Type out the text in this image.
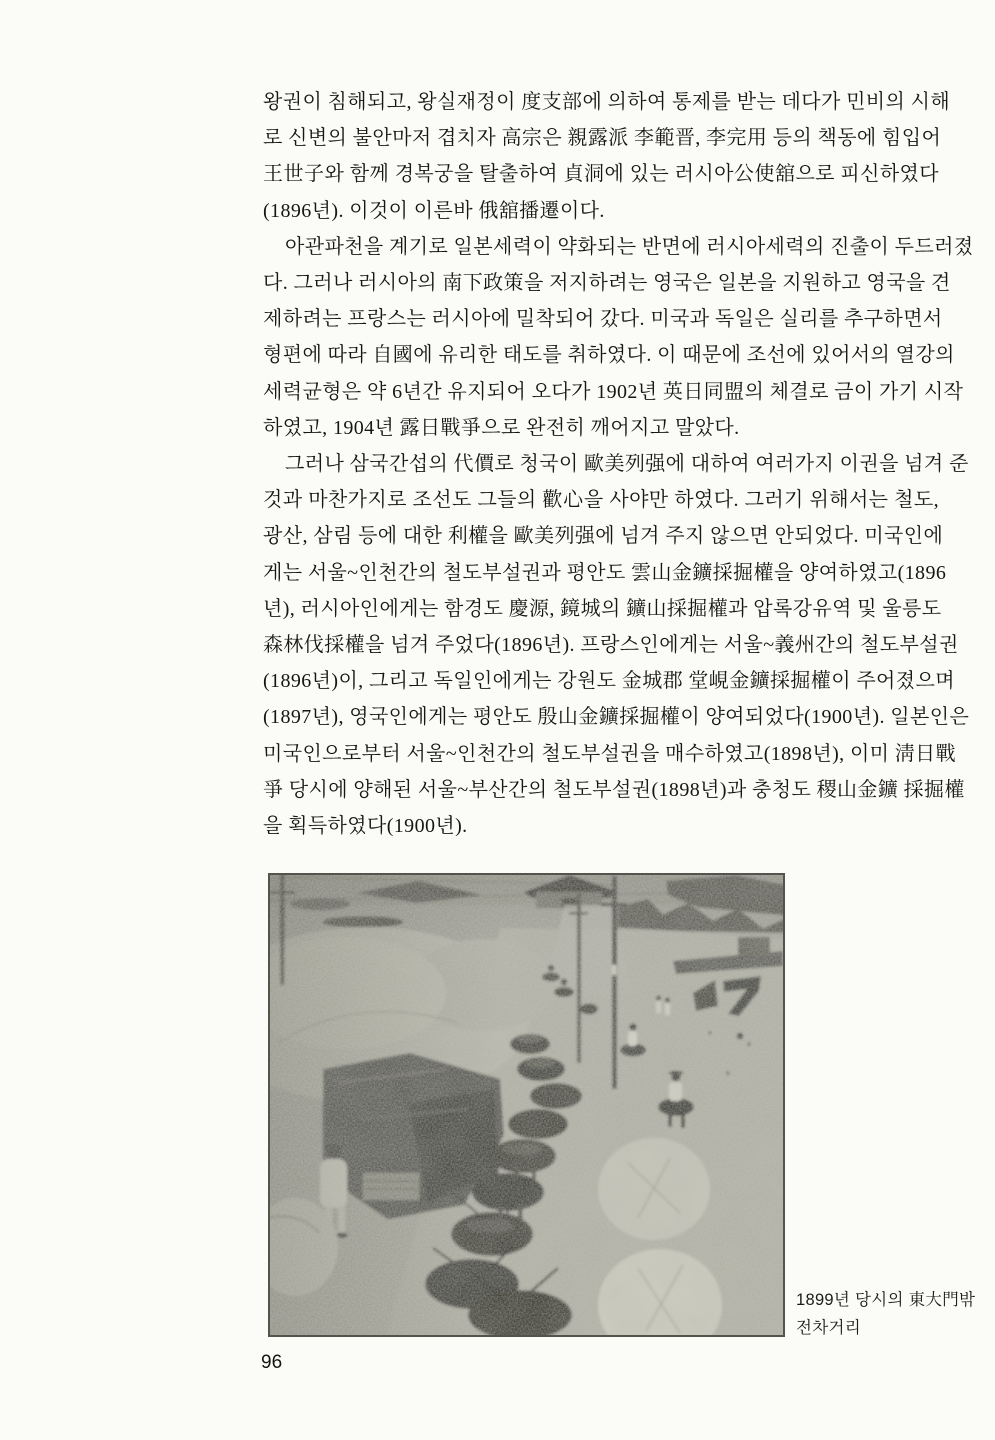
왕권이 침해되고, 왕실재정이 度支部에 의하여 통제를 받는 데다가 민비의 시해
로 신변의 불안마저 겹치자 高宗은 親露派 李範晋, 李完用 등의 책동에 힘입어
王世子와 함께 경복궁을 탈출하여 貞洞에 있는 러시아公使舘으로 피신하였다
(1896년). 이것이 이른바 俄舘播遷이다.
아관파천을 계기로 일본세력이 약화되는 반면에 러시아세력의 진출이 두드러졌
다. 그러나 러시아의 南下政策을 저지하려는 영국은 일본을 지원하고 영국을 견
제하려는 프랑스는 러시아에 밀착되어 갔다. 미국과 독일은 실리를 추구하면서
형편에 따라 自國에 유리한 태도를 취하였다. 이 때문에 조선에 있어서의 열강의
세력균형은 약 6년간 유지되어 오다가 1902년 英日同盟의 체결로 금이 가기 시작
하였고, 1904년 露日戰爭으로 완전히 깨어지고 말았다.
그러나 삼국간섭의 代價로 청국이 歐美列强에 대하여 여러가지 이권을 넘겨 준
것과 마찬가지로 조선도 그들의 歡心을 사야만 하였다. 그러기 위해서는 철도,
광산, 삼림 등에 대한 利權을 歐美列强에 넘겨 주지 않으면 안되었다. 미국인에
게는 서울~인천간의 철도부설권과 평안도 雲山金鑛採掘權을 양여하였고(1896
년), 러시아인에게는 함경도 慶源, 鏡城의 鑛山採掘權과 압록강유역 및 울릉도
森林伐採權을 넘겨 주었다(1896년). 프랑스인에게는 서울~義州간의 철도부설권
(1896년)이, 그리고 독일인에게는 강원도 金城郡 堂峴金鑛採掘權이 주어졌으며
(1897년), 영국인에게는 평안도 殷山金鑛採掘權이 양여되었다(1900년). 일본인은
미국인으로부터 서울~인천간의 철도부설권을 매수하였고(1898년), 이미 淸日戰
爭 당시에 양해된 서울~부산간의 철도부설권(1898년)과 충청도 稷山金鑛 採掘權
을 획득하였다(1900년).
1899년 당시의 東大門밖
전차거리
96
